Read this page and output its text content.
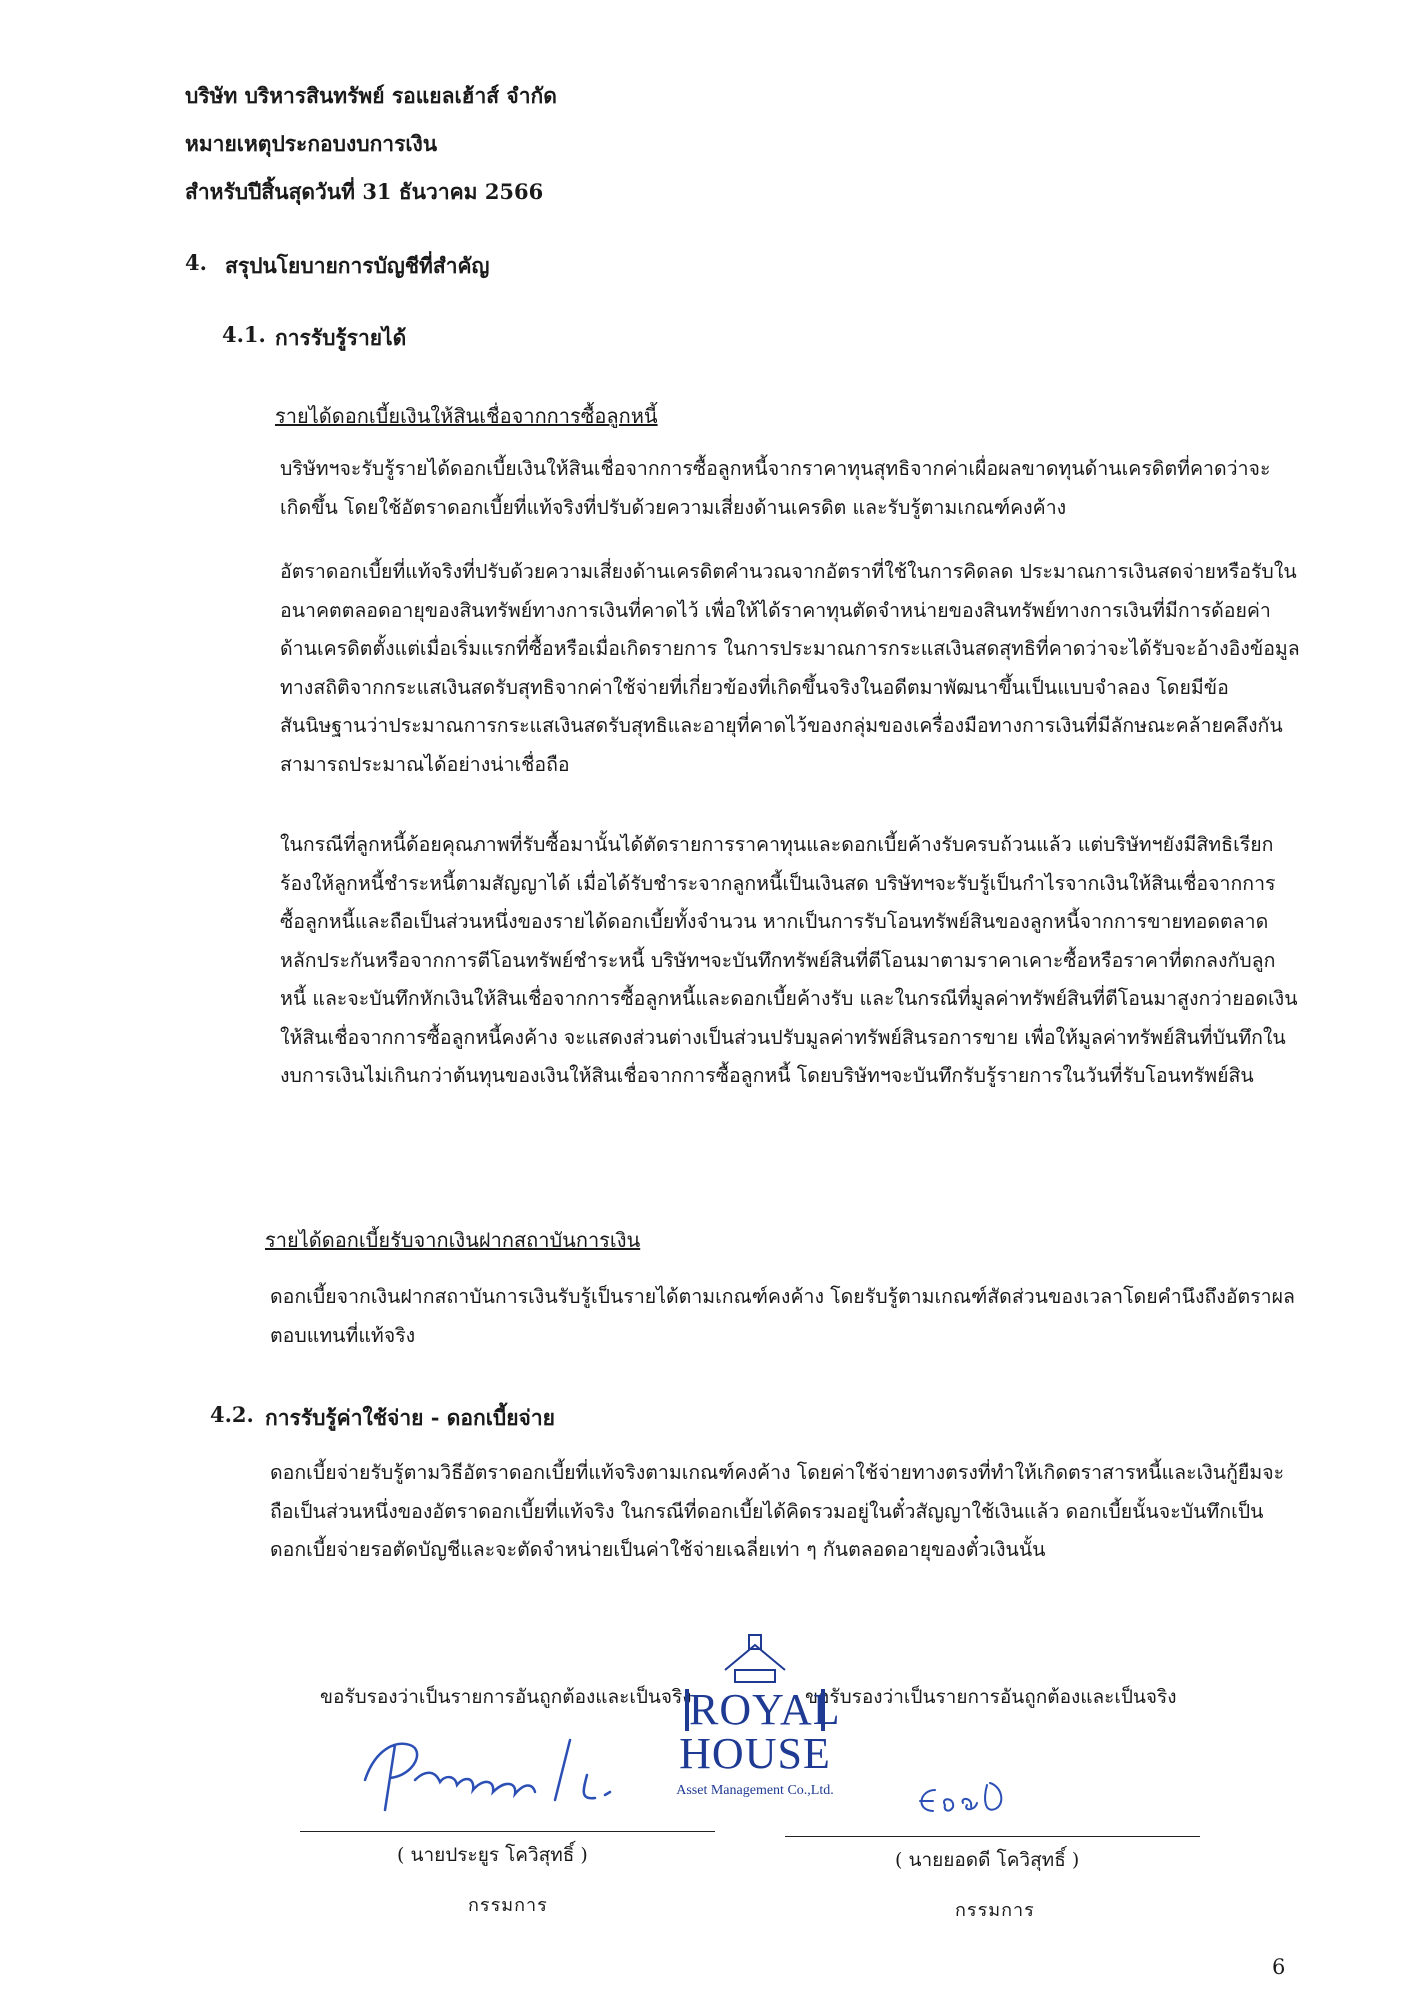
บริษัท บริหารสินทรัพย์ รอแยลเฮ้าส์ จำกัด
หมายเหตุประกอบงบการเงิน
สำหรับปีสิ้นสุดวันที่ 31 ธันวาคม 2566
4. สรุปนโยบายการบัญชีที่สำคัญ
4.1. การรับรู้รายได้
รายได้ดอกเบี้ยเงินให้สินเชื่อจากการซื้อลูกหนี้

บริษัทฯจะรับรู้รายได้ดอกเบี้ยเงินให้สินเชื่อจากการซื้อลูกหนี้จากราคาทุนสุทธิจากค่าเผื่อผลขาดทุนด้านเครดิตที่คาดว่าจะเกิดขึ้น โดยใช้อัตราดอกเบี้ยที่แท้จริงที่ปรับด้วยความเสี่ยงด้านเครดิต และรับรู้ตามเกณฑ์คงค้าง

อัตราดอกเบี้ยที่แท้จริงที่ปรับด้วยความเสี่ยงด้านเครดิตคำนวณจากอัตราที่ใช้ในการคิดลด ประมาณการเงินสดจ่ายหรือรับในอนาคตตลอดอายุของสินทรัพย์ทางการเงินที่คาดไว้ เพื่อให้ได้ราคาทุนตัดจำหน่ายของสินทรัพย์ทางการเงินที่มีการด้อยค่าด้านเครดิตตั้งแต่เมื่อเริ่มแรกที่ซื้อหรือเมื่อเกิดรายการ ในการประมาณการกระแสเงินสดสุทธิที่คาดว่าจะได้รับจะอ้างอิงข้อมูลทางสถิติจากกระแสเงินสดรับสุทธิจากค่าใช้จ่ายที่เกี่ยวข้องที่เกิดขึ้นจริงในอดีตมาพัฒนาขึ้นเป็นแบบจำลอง โดยมีข้อสันนิษฐานว่าประมาณการกระแสเงินสดรับสุทธิและอายุที่คาดไว้ของกลุ่มของเครื่องมือทางการเงินที่มีลักษณะคล้ายคลึงกันสามารถประมาณได้อย่างน่าเชื่อถือ

ในกรณีที่ลูกหนี้ด้อยคุณภาพที่รับซื้อมานั้นได้ตัดรายการราคาทุนและดอกเบี้ยค้างรับครบถ้วนแล้ว แต่บริษัทฯยังมีสิทธิเรียกร้องให้ลูกหนี้ชำระหนี้ตามสัญญาได้ เมื่อได้รับชำระจากลูกหนี้เป็นเงินสด บริษัทฯจะรับรู้เป็นกำไรจากเงินให้สินเชื่อจากการซื้อลูกหนี้และถือเป็นส่วนหนึ่งของรายได้ดอกเบี้ยทั้งจำนวน หากเป็นการรับโอนทรัพย์สินของลูกหนี้จากการขายทอดตลาดหลักประกันหรือจากการตีโอนทรัพย์ชำระหนี้ บริษัทฯจะบันทึกทรัพย์สินที่ตีโอนมาตามราคาเคาะซื้อหรือราคาที่ตกลงกับลูกหนี้ และจะบันทึกหักเงินให้สินเชื่อจากการซื้อลูกหนี้และดอกเบี้ยค้างรับ และในกรณีที่มูลค่าทรัพย์สินที่ตีโอนมาสูงกว่ายอดเงินให้สินเชื่อจากการซื้อลูกหนี้คงค้าง จะแสดงส่วนต่างเป็นส่วนปรับมูลค่าทรัพย์สินรอการขาย เพื่อให้มูลค่าทรัพย์สินที่บันทึกในงบการเงินไม่เกินกว่าต้นทุนของเงินให้สินเชื่อจากการซื้อลูกหนี้ โดยบริษัทฯจะบันทึกรับรู้รายการในวันที่รับโอนทรัพย์สิน

รายได้ดอกเบี้ยรับจากเงินฝากสถาบันการเงิน

ดอกเบี้ยจากเงินฝากสถาบันการเงินรับรู้เป็นรายได้ตามเกณฑ์คงค้าง โดยรับรู้ตามเกณฑ์สัดส่วนของเวลาโดยคำนึงถึงอัตราผลตอบแทนที่แท้จริง

4.2. การรับรู้ค่าใช้จ่าย - ดอกเบี้ยจ่าย

ดอกเบี้ยจ่ายรับรู้ตามวิธีอัตราดอกเบี้ยที่แท้จริงตามเกณฑ์คงค้าง โดยค่าใช้จ่ายทางตรงที่ทำให้เกิดตราสารหนี้และเงินกู้ยืมจะถือเป็นส่วนหนึ่งของอัตราดอกเบี้ยที่แท้จริง ในกรณีที่ดอกเบี้ยได้คิดรวมอยู่ในตั๋วสัญญาใช้เงินแล้ว ดอกเบี้ยนั้นจะบันทึกเป็นดอกเบี้ยจ่ายรอตัดบัญชีและจะตัดจำหน่ายเป็นค่าใช้จ่ายเฉลี่ยเท่า ๆ กันตลอดอายุของตั๋วเงินนั้น

ขอรับรองว่าเป็นรายการอันถูกต้องและเป็นจริง	ขอรับรองว่าเป็นรายการอันถูกต้องและเป็นจริง
ROYAL
HOUSE
Asset Management Co.,Ltd.
( นายประยูร โควิสุทธิ์ )
กรรมการ
( นายยอดดี โควิสุทธิ์ )
กรรมการ
6
